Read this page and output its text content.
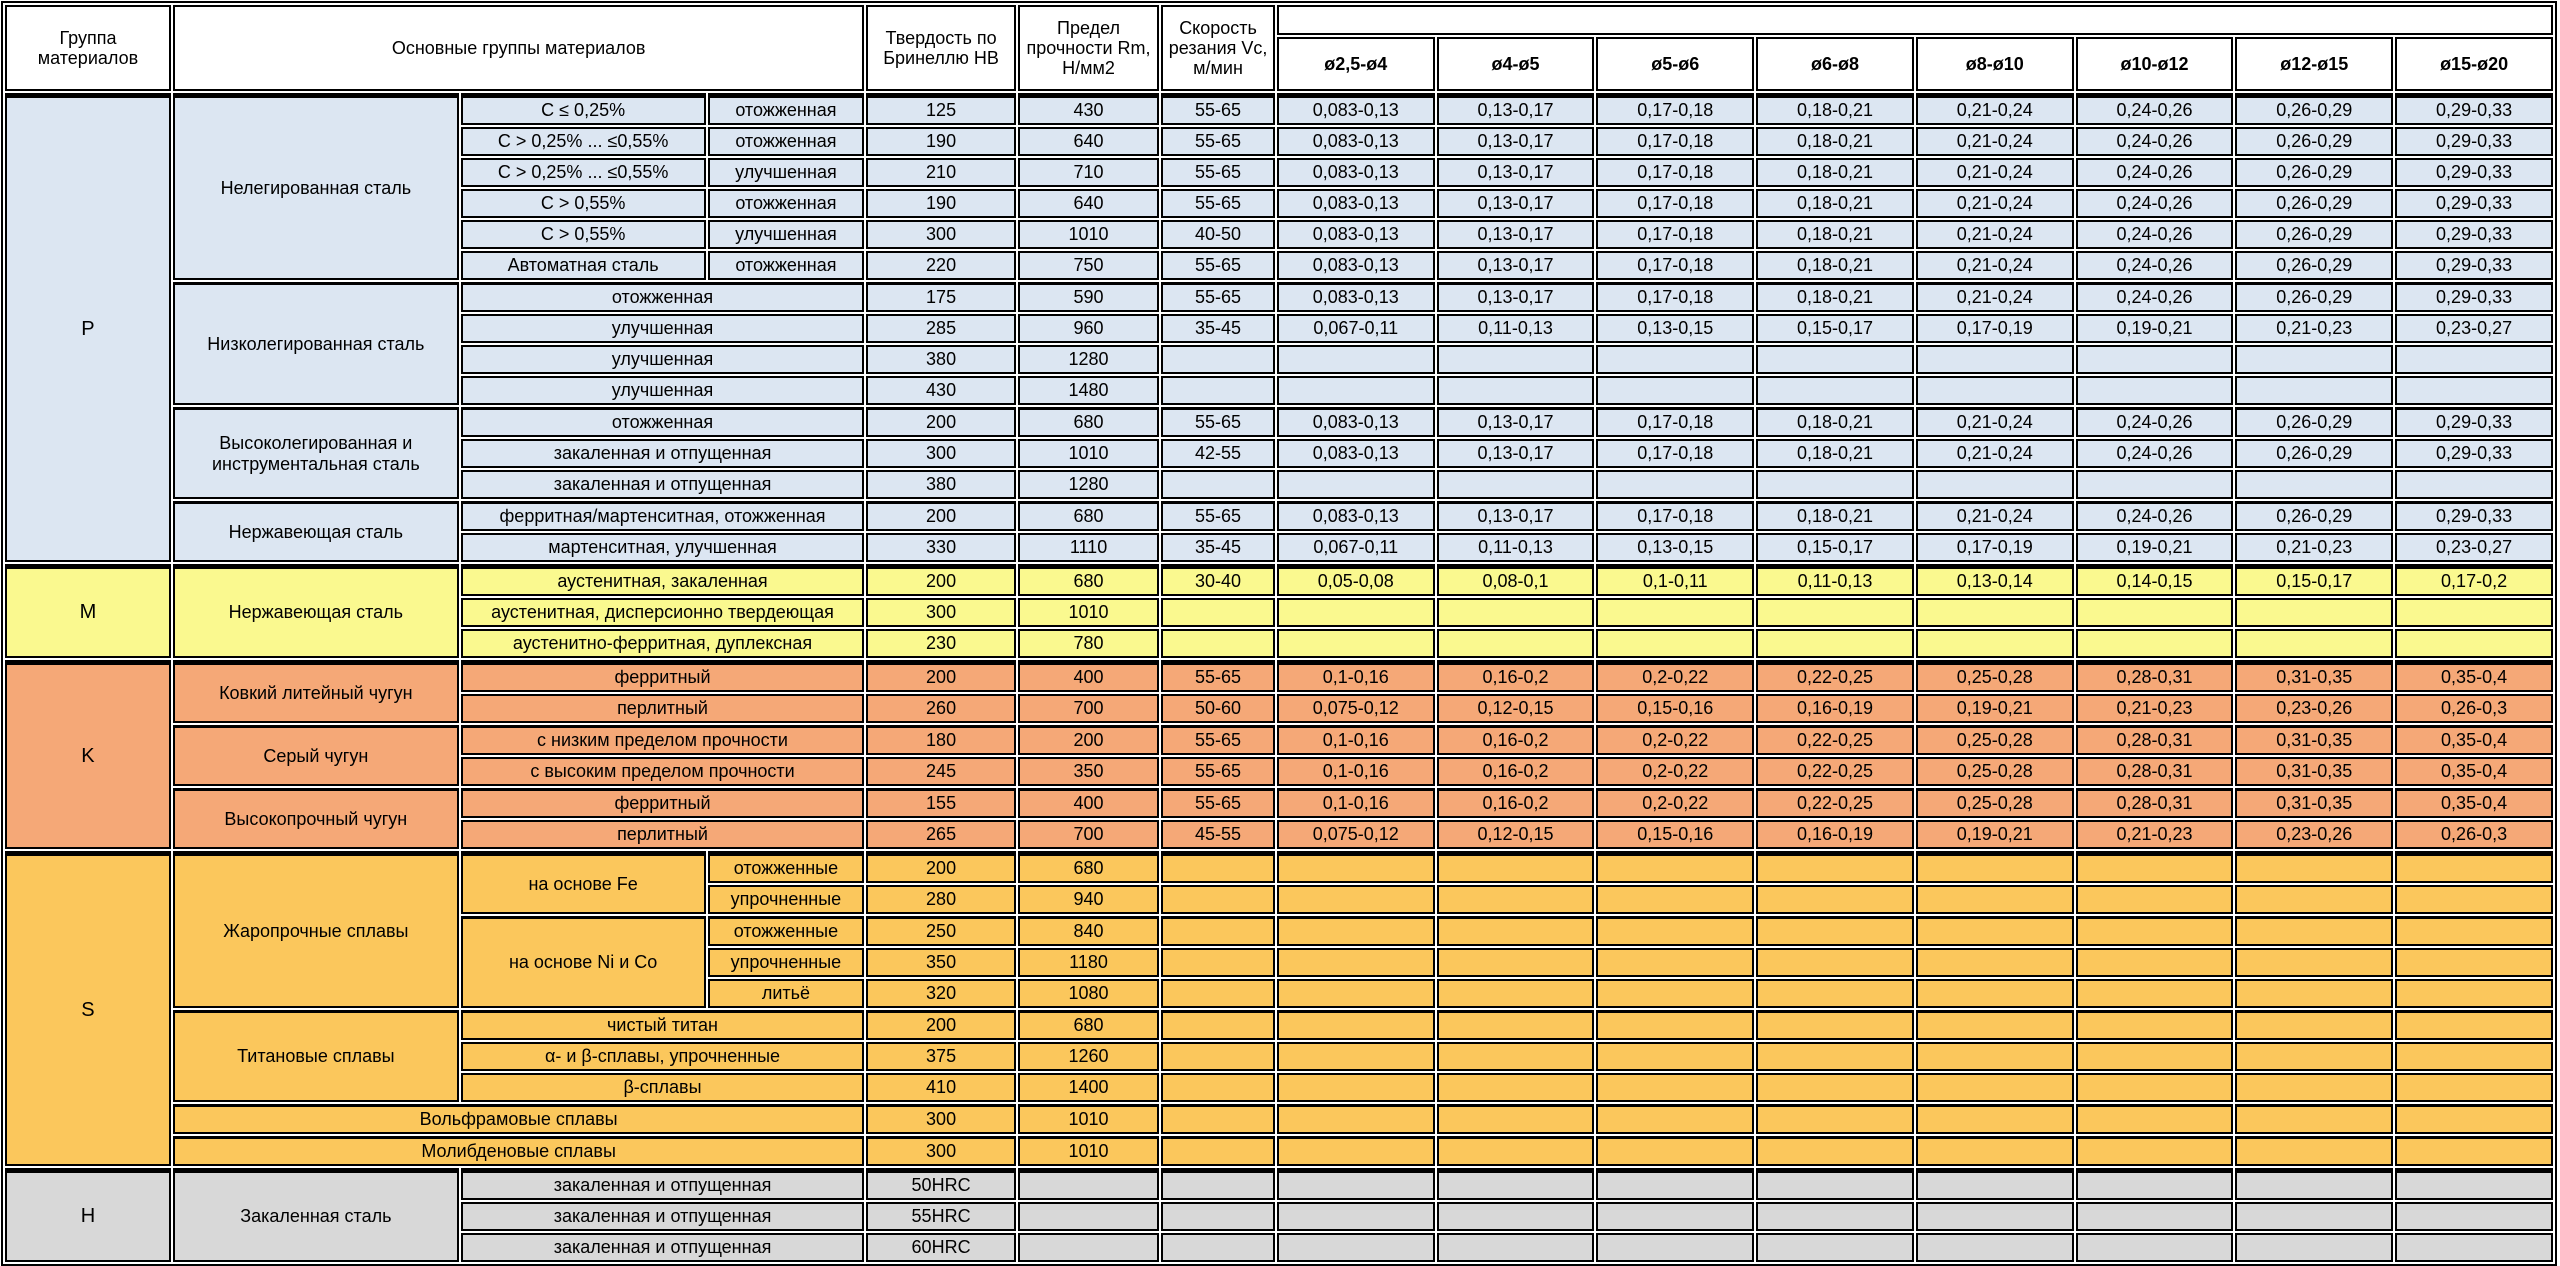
Группа материалов	Основные группы материалов			Твердость по Бринеллю HB	Предел прочности Rm, Н/мм2	Скорость резания Vc, м/мин								
							ø2,5-ø4	ø4-ø5	ø5-ø6	ø6-ø8	ø8-ø10	ø10-ø12	ø12-ø15	ø15-ø20
P	Нелегированная сталь	C ≤ 0,25%	отожженная	125	430	55-65	0,083-0,13	0,13-0,17	0,17-0,18	0,18-0,21	0,21-0,24	0,24-0,26	0,26-0,29	0,29-0,33
		C > 0,25% ... ≤0,55%	отожженная	190	640	55-65	0,083-0,13	0,13-0,17	0,17-0,18	0,18-0,21	0,21-0,24	0,24-0,26	0,26-0,29	0,29-0,33
		C > 0,25% ... ≤0,55%	улучшенная	210	710	55-65	0,083-0,13	0,13-0,17	0,17-0,18	0,18-0,21	0,21-0,24	0,24-0,26	0,26-0,29	0,29-0,33
		C > 0,55%	отожженная	190	640	55-65	0,083-0,13	0,13-0,17	0,17-0,18	0,18-0,21	0,21-0,24	0,24-0,26	0,26-0,29	0,29-0,33
		C > 0,55%	улучшенная	300	1010	40-50	0,083-0,13	0,13-0,17	0,17-0,18	0,18-0,21	0,21-0,24	0,24-0,26	0,26-0,29	0,29-0,33
		Автоматная сталь	отожженная	220	750	55-65	0,083-0,13	0,13-0,17	0,17-0,18	0,18-0,21	0,21-0,24	0,24-0,26	0,26-0,29	0,29-0,33
	Низколегированная сталь	отожженная		175	590	55-65	0,083-0,13	0,13-0,17	0,17-0,18	0,18-0,21	0,21-0,24	0,24-0,26	0,26-0,29	0,29-0,33
		улучшенная		285	960	35-45	0,067-0,11	0,11-0,13	0,13-0,15	0,15-0,17	0,17-0,19	0,19-0,21	0,21-0,23	0,23-0,27
		улучшенная		380	1280									
		улучшенная		430	1480									
	Высоколегированная и инструментальная сталь	отожженная		200	680	55-65	0,083-0,13	0,13-0,17	0,17-0,18	0,18-0,21	0,21-0,24	0,24-0,26	0,26-0,29	0,29-0,33
		закаленная и отпущенная		300	1010	42-55	0,083-0,13	0,13-0,17	0,17-0,18	0,18-0,21	0,21-0,24	0,24-0,26	0,26-0,29	0,29-0,33
		закаленная и отпущенная		380	1280									
	Нержавеющая сталь	ферритная/мартенситная, отожженная		200	680	55-65	0,083-0,13	0,13-0,17	0,17-0,18	0,18-0,21	0,21-0,24	0,24-0,26	0,26-0,29	0,29-0,33
		мартенситная, улучшенная		330	1110	35-45	0,067-0,11	0,11-0,13	0,13-0,15	0,15-0,17	0,17-0,19	0,19-0,21	0,21-0,23	0,23-0,27
M	Нержавеющая сталь	аустенитная, закаленная		200	680	30-40	0,05-0,08	0,08-0,1	0,1-0,11	0,11-0,13	0,13-0,14	0,14-0,15	0,15-0,17	0,17-0,2
		аустенитная, дисперсионно твердеющая		300	1010									
		аустенитно-ферритная, дуплексная		230	780									
K	Ковкий литейный чугун	ферритный		200	400	55-65	0,1-0,16	0,16-0,2	0,2-0,22	0,22-0,25	0,25-0,28	0,28-0,31	0,31-0,35	0,35-0,4
		перлитный		260	700	50-60	0,075-0,12	0,12-0,15	0,15-0,16	0,16-0,19	0,19-0,21	0,21-0,23	0,23-0,26	0,26-0,3
	Серый чугун	с низким пределом прочности		180	200	55-65	0,1-0,16	0,16-0,2	0,2-0,22	0,22-0,25	0,25-0,28	0,28-0,31	0,31-0,35	0,35-0,4
		с высоким пределом прочности		245	350	55-65	0,1-0,16	0,16-0,2	0,2-0,22	0,22-0,25	0,25-0,28	0,28-0,31	0,31-0,35	0,35-0,4
	Высокопрочный чугун	ферритный		155	400	55-65	0,1-0,16	0,16-0,2	0,2-0,22	0,22-0,25	0,25-0,28	0,28-0,31	0,31-0,35	0,35-0,4
		перлитный		265	700	45-55	0,075-0,12	0,12-0,15	0,15-0,16	0,16-0,19	0,19-0,21	0,21-0,23	0,23-0,26	0,26-0,3
S	Жаропрочные сплавы	на основе Fe	отожженные	200	680									
			упрочненные	280	940									
		на основе Ni и Co	отожженные	250	840									
			упрочненные	350	1180									
			литьё	320	1080									
	Титановые сплавы	чистый титан		200	680									
		α- и β-сплавы, упрочненные		375	1260									
		β-сплавы		410	1400									
	Вольфрамовые сплавы			300	1010									
	Молибденовые сплавы			300	1010									
H	Закаленная сталь	закаленная и отпущенная		50HRC										
		закаленная и отпущенная		55HRC										
		закаленная и отпущенная		60HRC										
